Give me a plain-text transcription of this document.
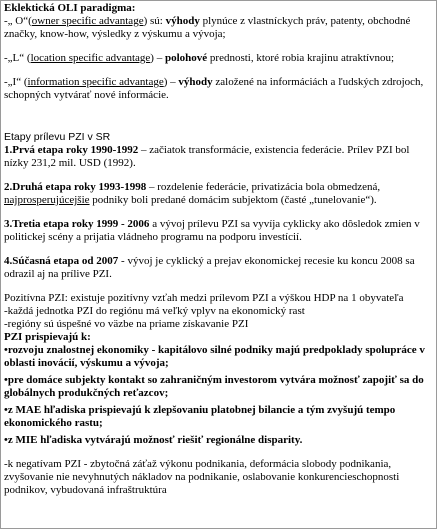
Eklektická OLI paradigma:

-„ O“(owner specific advantage) sú: výhody plynúce z vlastníckych práv, patenty, obchodné značky, know-how, výsledky z výskumu a vývoja;

-„L“ (location specific advantage) – polohové prednosti, ktoré robia krajinu atraktívnou;

-„I“ (information specific advantage) – výhody založené na informáciách a ľudských zdrojoch, schopných vytvárať nové informácie.

Etapy prílevu PZI v SR

1.Prvá etapa roky 1990-1992 – začiatok transformácie, existencia federácie. Prílev PZI bol nízky 231,2 mil. USD (1992).

2.Druhá etapa roky 1993-1998 – rozdelenie federácie, privatizácia bola obmedzená, najprosperujúcejšie podniky boli predané domácim subjektom (časté „tunelovanie“).

3.Tretia etapa roky 1999 - 2006 a vývoj prílevu PZI sa vyvíja cyklicky ako dôsledok zmien v politickej scény a prijatia vládneho programu na podporu investícií.

4.Súčasná etapa od 2007 - vývoj je cyklický a prejav ekonomickej recesie ku koncu 2008 sa odrazil aj na prílive PZI.

Pozitívna PZI: existuje pozitívny vzťah medzi prílevom PZI a výškou HDP na 1 obyvateľa

-každá jednotka PZI do regiónu má veľký vplyv na ekonomický rast

-regióny sú úspešné vo väzbe na priame získavanie PZI

PZI prispievajú k:

•rozvoju znalostnej ekonomiky - kapitálovo silné podniky majú predpoklady spolupráce v oblasti inovácií, výskumu a vývoja;

•pre domáce subjekty kontakt so zahraničným investorom vytvára možnosť zapojiť sa do globálnych produkčných reťazcov;

•z MAE hľadiska prispievajú k zlepšovaniu platobnej bilancie a tým zvyšujú tempo ekonomického rastu;

•z MIE hľadiska vytvárajú možnosť riešiť regionálne disparity.

-k negatívam PZI - zbytočná záťaž výkonu podnikania, deformácia slobody podnikania, zvyšovanie nie nevyhnutých nákladov na podnikanie, oslabovanie konkurencieschopnosti podnikov, vybudovaná infraštruktúra
